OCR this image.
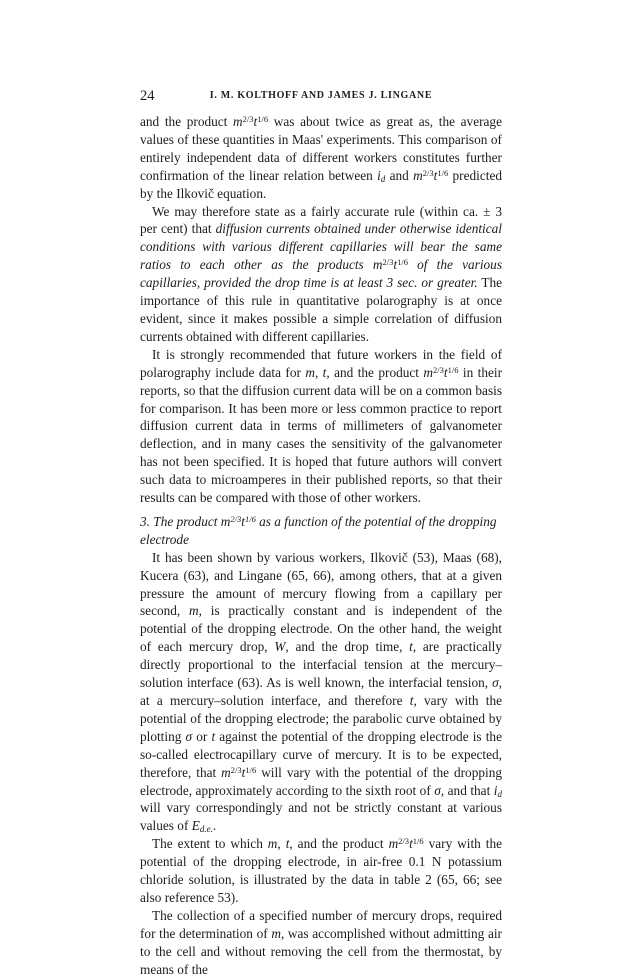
24	I. M. KOLTHOFF AND JAMES J. LINGANE

and the product $m^{2/3}t^{1/6}$ was about twice as great as, the average values of these quantities in Maas' experiments. This comparison of entirely independent data of different workers constitutes further confirmation of the linear relation between $i_d$ and $m^{2/3}t^{1/6}$ predicted by the Ilkovič equation.

We may therefore state as a fairly accurate rule (within ca. ± 3 per cent) that diffusion currents obtained under otherwise identical conditions with various different capillaries will bear the same ratios to each other as the products $m^{2/3}t^{1/6}$ of the various capillaries, provided the drop time is at least 3 sec. or greater. The importance of this rule in quantitative polarography is at once evident, since it makes possible a simple correlation of diffusion currents obtained with different capillaries.

It is strongly recommended that future workers in the field of polarography include data for m, t, and the product $m^{2/3}t^{1/6}$ in their reports, so that the diffusion current data will be on a common basis for comparison. It has been more or less common practice to report diffusion current data in terms of millimeters of galvanometer deflection, and in many cases the sensitivity of the galvanometer has not been specified. It is hoped that future authors will convert such data to microamperes in their published reports, so that their results can be compared with those of other workers.

3. The product $m^{2/3}t^{1/6}$ as a function of the potential of the dropping electrode

It has been shown by various workers, Ilkovič (53), Maas (68), Kucera (63), and Lingane (65, 66), among others, that at a given pressure the amount of mercury flowing from a capillary per second, m, is practically constant and is independent of the potential of the dropping electrode. On the other hand, the weight of each mercury drop, W, and the drop time, t, are practically directly proportional to the interfacial tension at the mercury–solution interface (63). As is well known, the interfacial tension, σ, at a mercury–solution interface, and therefore t, vary with the potential of the dropping electrode; the parabolic curve obtained by plotting σ or t against the potential of the dropping electrode is the so-called electrocapillary curve of mercury. It is to be expected, therefore, that $m^{2/3}t^{1/6}$ will vary with the potential of the dropping electrode, approximately according to the sixth root of σ, and that $i_d$ will vary correspondingly and not be strictly constant at various values of $E_{d.e.}$.

The extent to which m, t, and the product $m^{2/3}t^{1/6}$ vary with the potential of the dropping electrode, in air-free 0.1 N potassium chloride solution, is illustrated by the data in table 2 (65, 66; see also reference 53).

The collection of a specified number of mercury drops, required for the determination of m, was accomplished without admitting air to the cell and without removing the cell from the thermostat, by means of the
